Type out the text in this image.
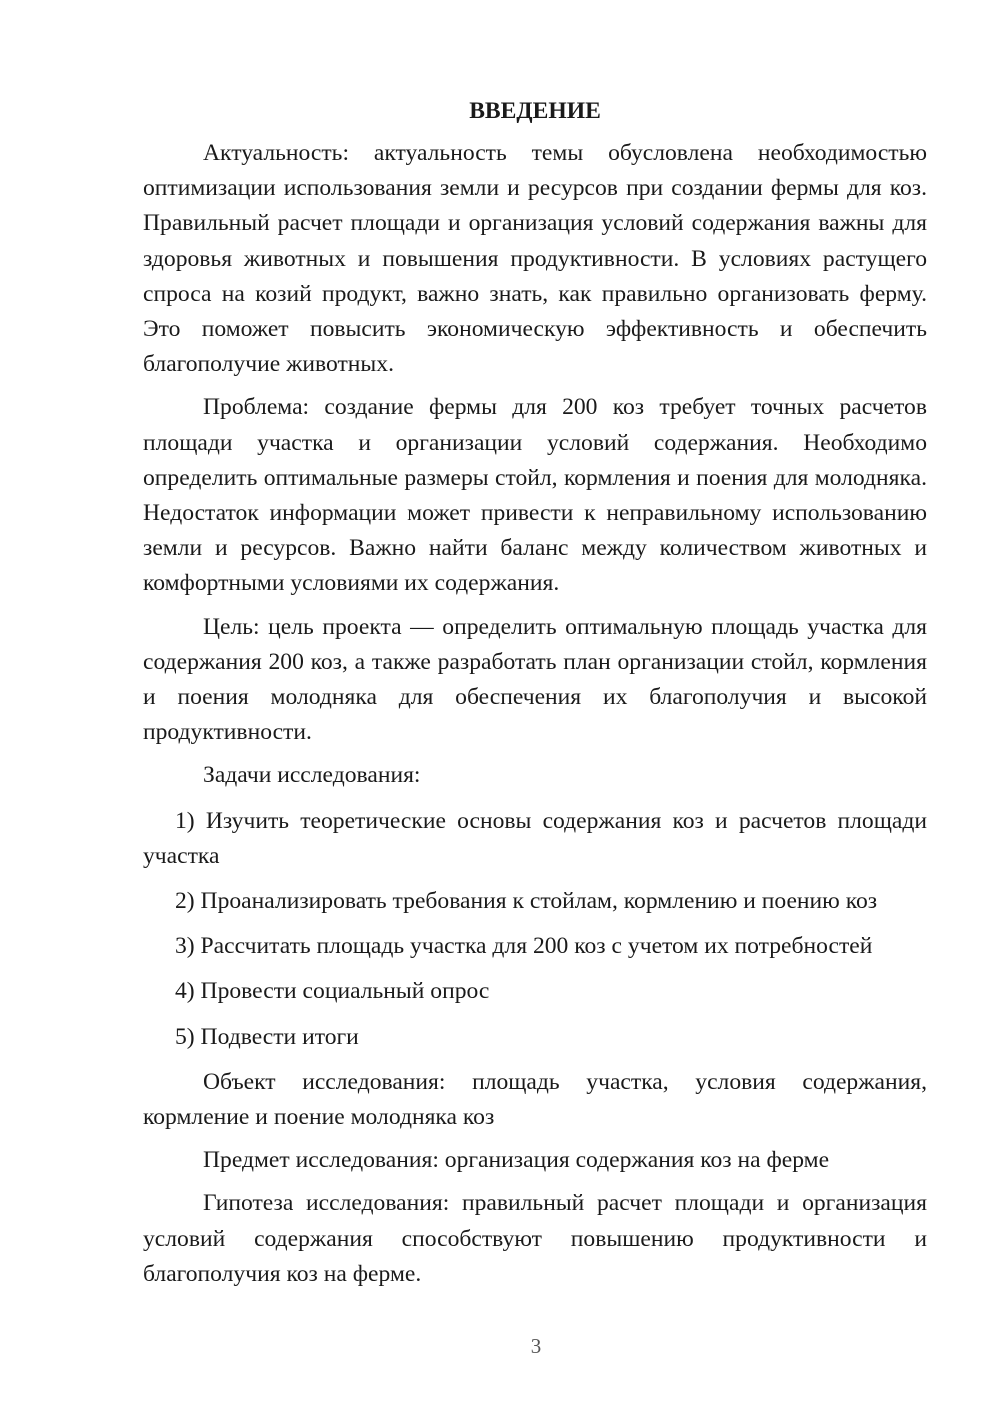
ВВЕДЕНИЕ

Актуальность: актуальность темы обусловлена необходимостью оптимизации использования земли и ресурсов при создании фермы для коз. Правильный расчет площади и организация условий содержания важны для здоровья животных и повышения продуктивности. В условиях растущего спроса на козий продукт, важно знать, как правильно организовать ферму. Это поможет повысить экономическую эффективность и обеспечить благополучие животных.

Проблема: создание фермы для 200 коз требует точных расчетов площади участка и организации условий содержания. Необходимо определить оптимальные размеры стойл, кормления и поения для молодняка. Недостаток информации может привести к неправильному использованию земли и ресурсов. Важно найти баланс между количеством животных и комфортными условиями их содержания.

Цель: цель проекта — определить оптимальную площадь участка для содержания 200 коз, а также разработать план организации стойл, кормления и поения молодняка для обеспечения их благополучия и высокой продуктивности.

Задачи исследования:

1) Изучить теоретические основы содержания коз и расчетов площади участка

2) Проанализировать требования к стойлам, кормлению и поению коз

3) Рассчитать площадь участка для 200 коз с учетом их потребностей

4) Провести социальный опрос

5) Подвести итоги

Объект исследования: площадь участка, условия содержания, кормление и поение молодняка коз

Предмет исследования: организация содержания коз на ферме

Гипотеза исследования: правильный расчет площади и организация условий содержания способствуют повышению продуктивности и благополучия коз на ферме.

3
